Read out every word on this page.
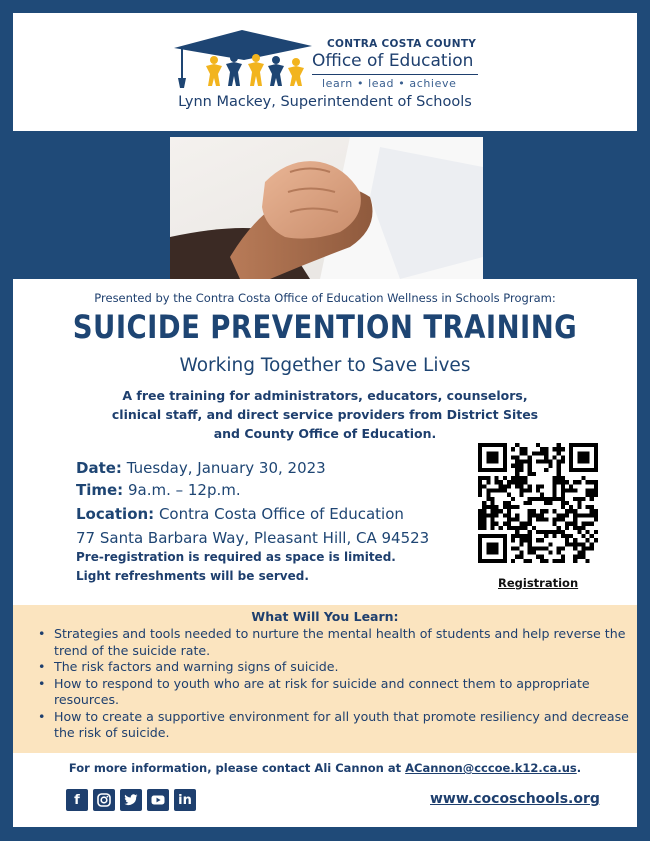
CONTRA COSTA COUNTY
Office of Education
learn • lead • achieve
Lynn Mackey, Superintendent of Schools
Presented by the Contra Costa Office of Education Wellness in Schools Program:
SUICIDE PREVENTION TRAINING
Working Together to Save Lives
A free training for administrators, educators, counselors,
clinical staff, and direct service providers from District Sites
and County Office of Education.
Date: Tuesday, January 30, 2023
Time: 9a.m. – 12p.m.
Location: Contra Costa Office of Education
77 Santa Barbara Way, Pleasant Hill, CA 94523
Pre-registration is required as space is limited.
Light refreshments will be served.	Registration
What Will You Learn:
• Strategies and tools needed to nurture the mental health of students and help reverse the trend of the suicide rate.
• The risk factors and warning signs of suicide.
• How to respond to youth who are at risk for suicide and connect them to appropriate resources.
• How to create a supportive environment for all youth that promote resiliency and decrease the risk of suicide.
For more information, please contact Ali Cannon at ACannon@cccoe.k12.ca.us.
f	in	www.cocoschools.org
